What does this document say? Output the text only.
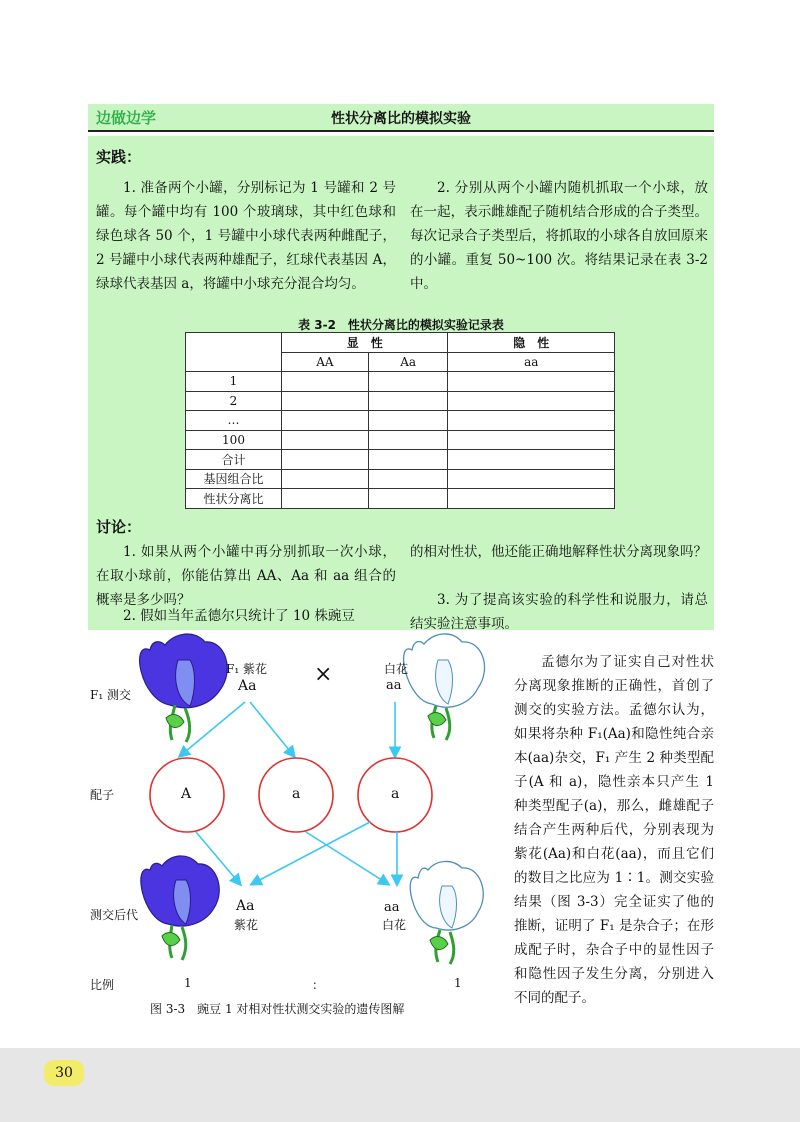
边做边学	性状分离比的模拟实验
实践：
1. 准备两个小罐，分别标记为 1 号罐和 2 号罐。每个罐中均有 100 个玻璃球，其中红色球和绿色球各 50 个，1 号罐中小球代表两种雌配子，2 号罐中小球代表两种雄配子，红球代表基因 A，绿球代表基因 a，将罐中小球充分混合均匀。
2. 分别从两个小罐内随机抓取一个小球，放在一起，表示雌雄配子随机结合形成的合子类型。每次记录合子类型后，将抓取的小球各自放回原来的小罐。重复 50~100 次。将结果记录在表 3-2 中。
表 3-2　性状分离比的模拟实验记录表
	显　性		隐　性
	AA	Aa	aa
1			
2			
…			
100			
合计			
基因组合比			
性状分离比			
讨论：
1. 如果从两个小罐中再分别抓取一次小球，在取小球前，你能估算出 AA、Aa 和 aa 组合的概率是多少吗？
2. 假如当年孟德尔只统计了 10 株豌豆
的相对性状，他还能正确地解释性状分离现象吗？
3. 为了提高该实验的科学性和说服力，请总结实验注意事项。
F₁ 测交
配子
测交后代
比例
F₁ 紫花
Aa	×	白花
aa
A	a	a
Aa
紫花
aa
白花
1	：	1
图 3-3　豌豆 1 对相对性状测交实验的遗传图解
孟德尔为了证实自己对性状分离现象推断的正确性，首创了测交的实验方法。孟德尔认为，如果将杂种 F₁(Aa)和隐性纯合亲本(aa)杂交，F₁ 产生 2 种类型配子(A 和 a)，隐性亲本只产生 1 种类型配子(a)，那么，雌雄配子结合产生两种后代，分别表现为紫花(Aa)和白花(aa)，而且它们的数目之比应为 1∶1。测交实验结果（图 3-3）完全证实了他的推断，证明了 F₁ 是杂合子；在形成配子时，杂合子中的显性因子和隐性因子发生分离，分别进入不同的配子。
30
